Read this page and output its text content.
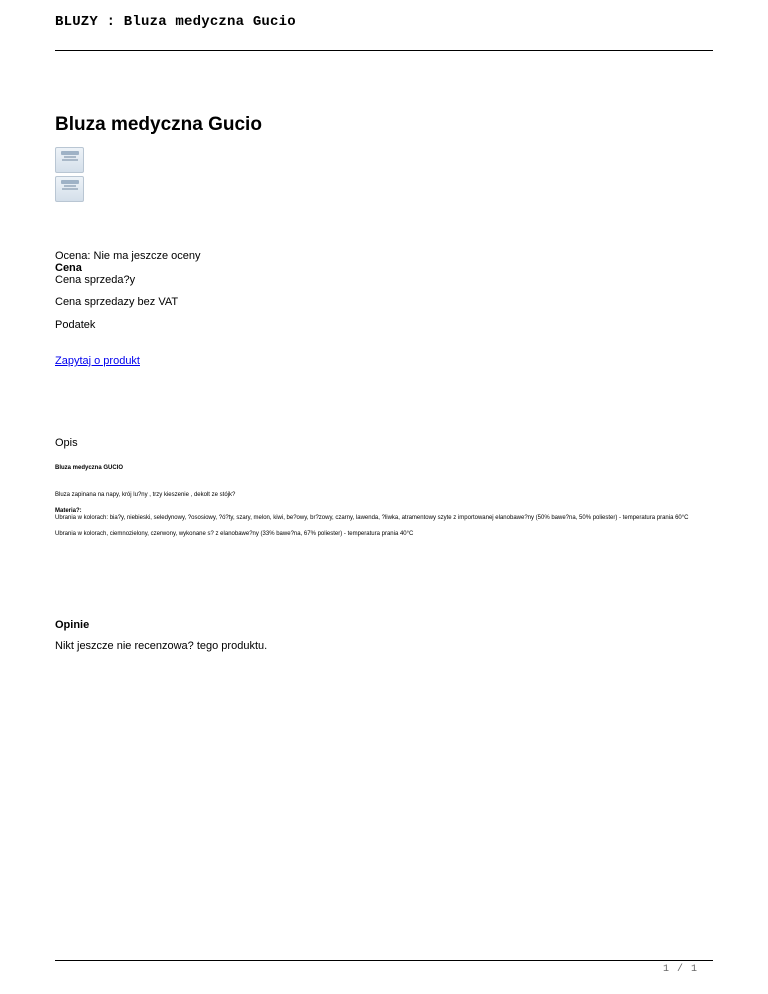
BLUZY : Bluza medyczna Gucio
Bluza medyczna Gucio

Ocena: Nie ma jeszcze oceny

Cena

Cena sprzeda?y

Cena sprzedazy bez VAT

Podatek

Zapytaj o produkt

Opis

Bluza medyczna GUCIO

Bluza zapinana na napy, krój lu?ny , trzy kieszenie , dekolt ze stójk?

Materia?:

Ubrania w kolorach: bia?y, niebieski, seledynowy, ?ososiowy, ?ó?ty, szary, melon, kiwi, be?owy, br?zowy, czarny, lawenda, ?liwka, atramentowy szyte z importowanej elanobawe?ny (50% bawe?na, 50% poliester) - temperatura prania 60°C

Ubrania w kolorach, ciemnozielony, czerwony, wykonane s? z elanobawe?ny (33% bawe?na, 67% poliester) - temperatura prania 40°C

Opinie

Nikt jeszcze nie recenzowa? tego produktu.

1 / 1
